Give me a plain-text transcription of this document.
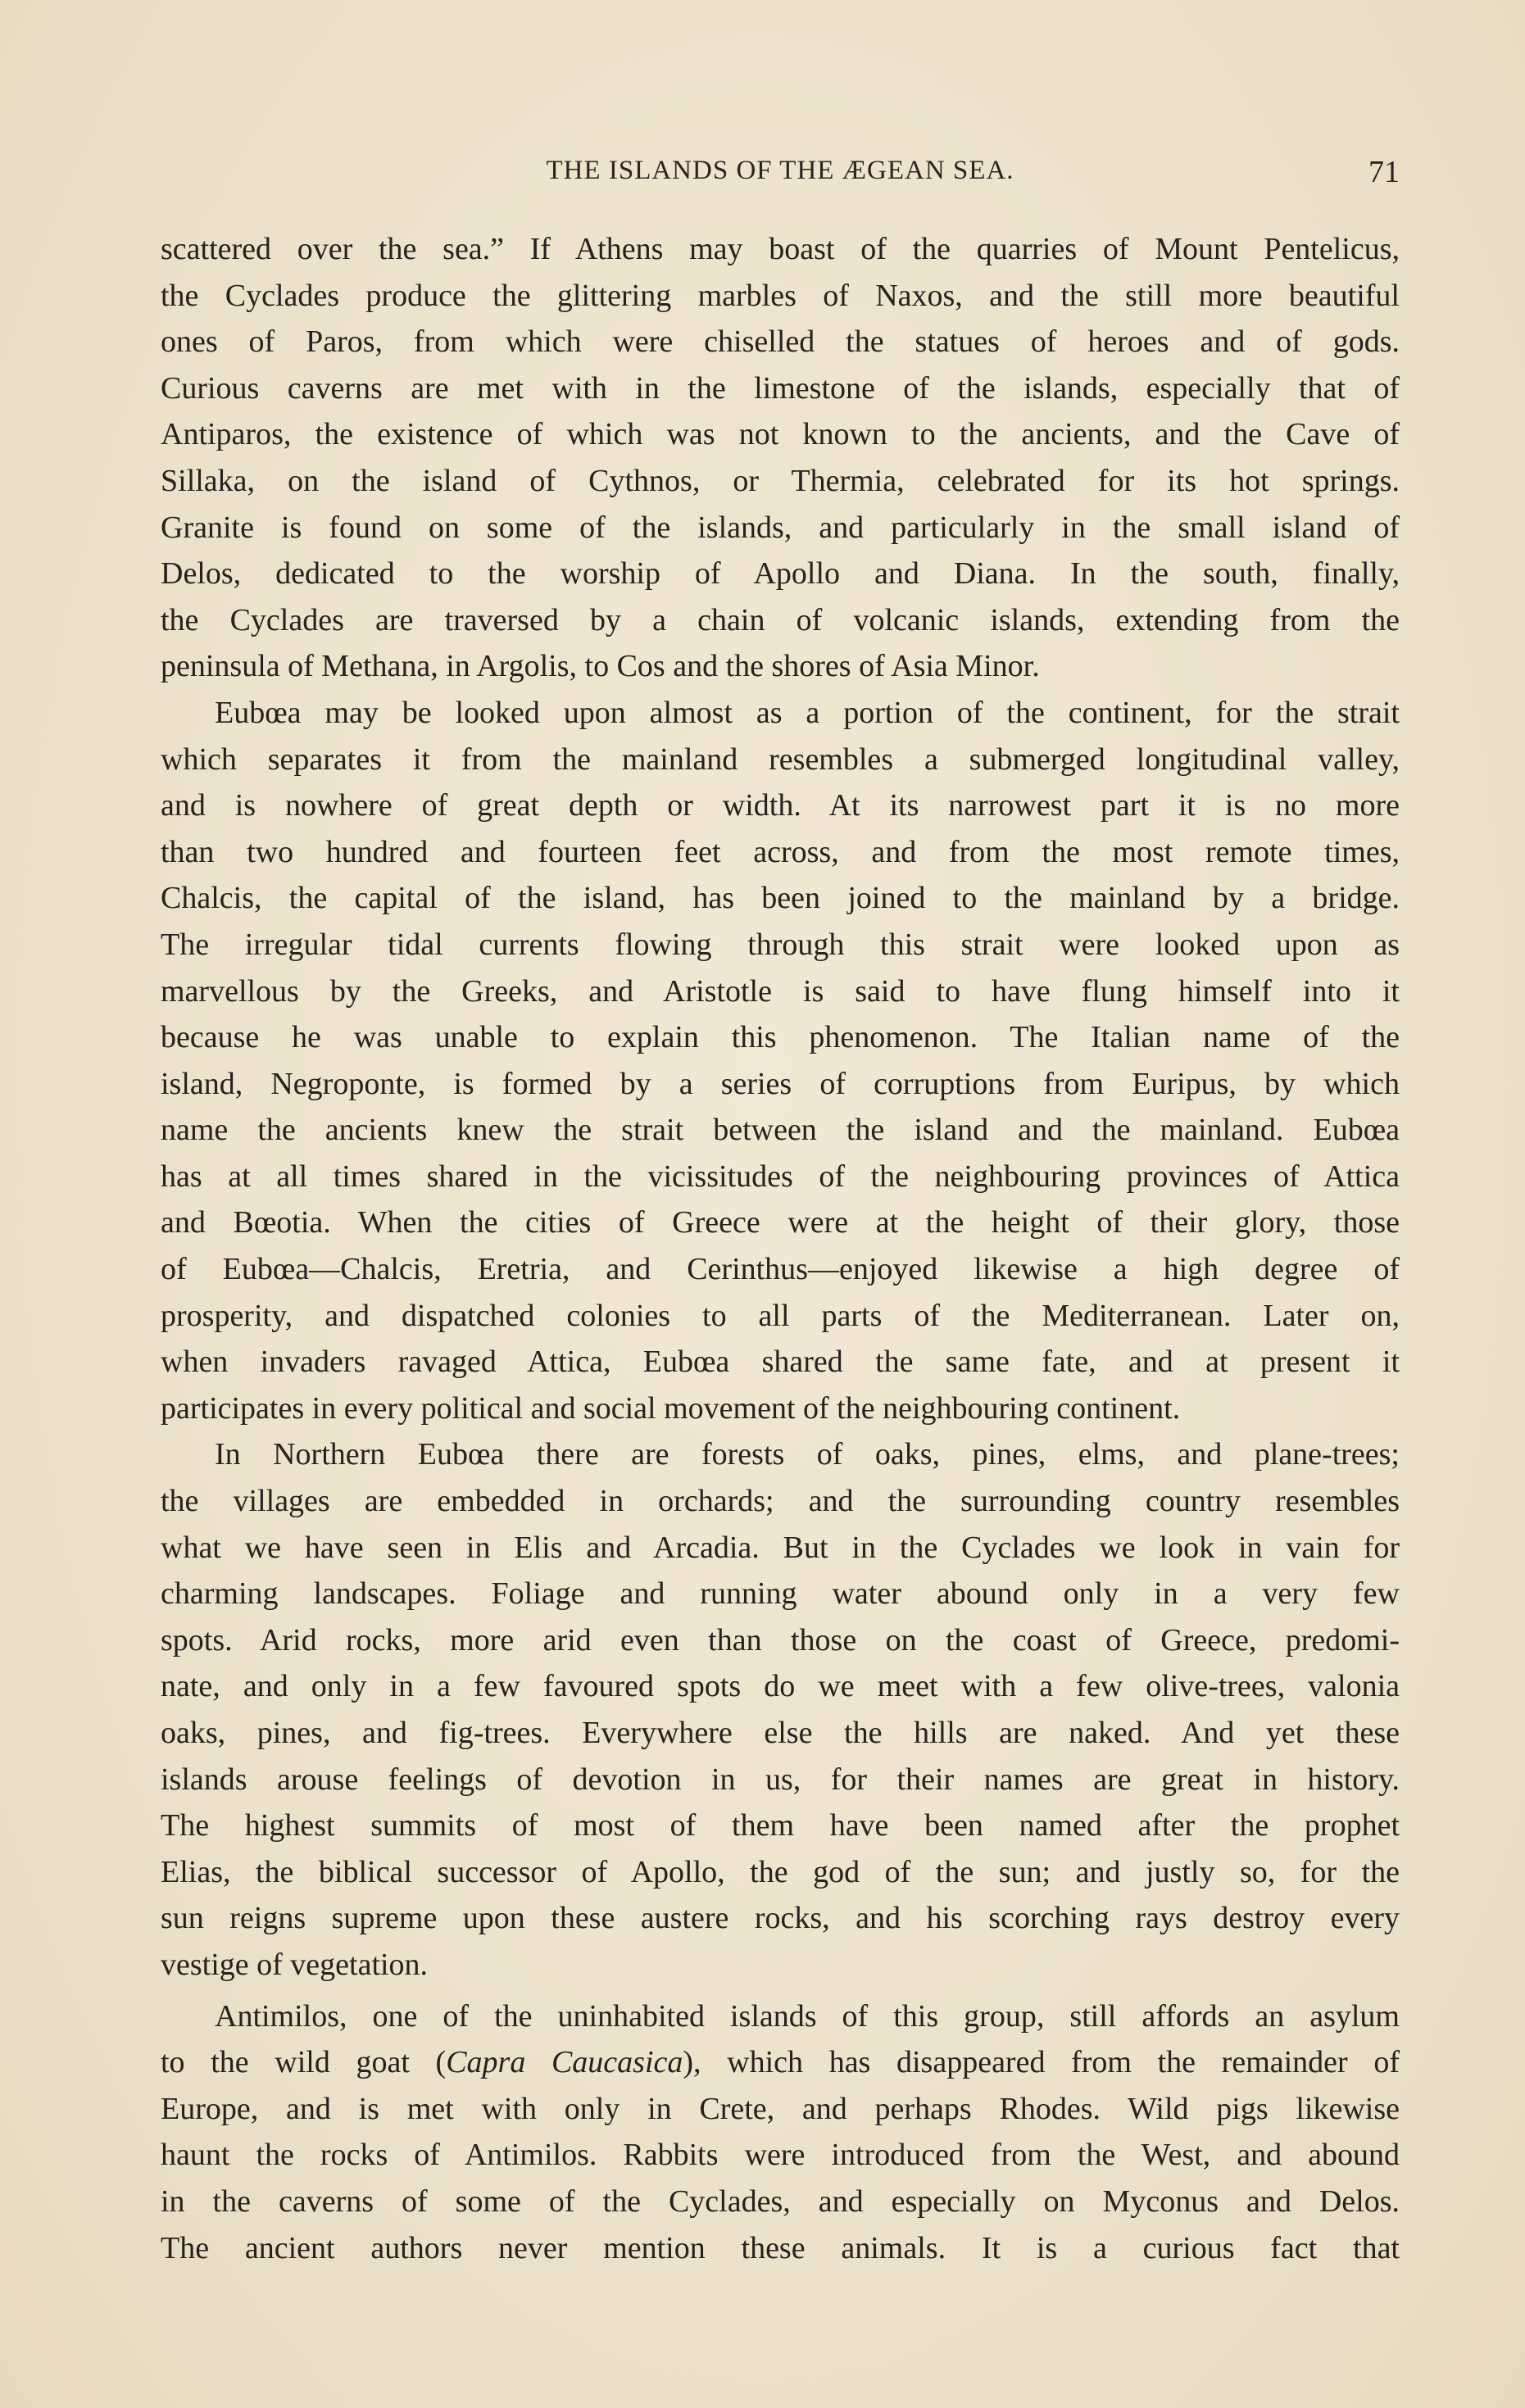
THE ISLANDS OF THE ÆGEAN SEA.	71

scattered over the sea.” If Athens may boast of the quarries of Mount Pentelicus,
the Cyclades produce the glittering marbles of Naxos, and the still more beautiful
ones of Paros, from which were chiselled the statues of heroes and of gods.
Curious caverns are met with in the limestone of the islands, especially that of
Antiparos, the existence of which was not known to the ancients, and the Cave of
Sillaka, on the island of Cythnos, or Thermia, celebrated for its hot springs.
Granite is found on some of the islands, and particularly in the small island of
Delos, dedicated to the worship of Apollo and Diana. In the south, finally,
the Cyclades are traversed by a chain of volcanic islands, extending from the
peninsula of Methana, in Argolis, to Cos and the shores of Asia Minor.

Eubœa may be looked upon almost as a portion of the continent, for the strait
which separates it from the mainland resembles a submerged longitudinal valley,
and is nowhere of great depth or width. At its narrowest part it is no more
than two hundred and fourteen feet across, and from the most remote times,
Chalcis, the capital of the island, has been joined to the mainland by a bridge.
The irregular tidal currents flowing through this strait were looked upon as
marvellous by the Greeks, and Aristotle is said to have flung himself into it
because he was unable to explain this phenomenon. The Italian name of the
island, Negroponte, is formed by a series of corruptions from Euripus, by which
name the ancients knew the strait between the island and the mainland. Eubœa
has at all times shared in the vicissitudes of the neighbouring provinces of Attica
and Bœotia. When the cities of Greece were at the height of their glory, those
of Eubœa—Chalcis, Eretria, and Cerinthus—enjoyed likewise a high degree of
prosperity, and dispatched colonies to all parts of the Mediterranean. Later on,
when invaders ravaged Attica, Eubœa shared the same fate, and at present it
participates in every political and social movement of the neighbouring continent.

In Northern Eubœa there are forests of oaks, pines, elms, and plane-trees;
the villages are embedded in orchards; and the surrounding country resembles
what we have seen in Elis and Arcadia. But in the Cyclades we look in vain for
charming landscapes. Foliage and running water abound only in a very few
spots. Arid rocks, more arid even than those on the coast of Greece, predomi-
nate, and only in a few favoured spots do we meet with a few olive-trees, valonia
oaks, pines, and fig-trees. Everywhere else the hills are naked. And yet these
islands arouse feelings of devotion in us, for their names are great in history.
The highest summits of most of them have been named after the prophet
Elias, the biblical successor of Apollo, the god of the sun; and justly so, for the
sun reigns supreme upon these austere rocks, and his scorching rays destroy every
vestige of vegetation.

Antimilos, one of the uninhabited islands of this group, still affords an asylum
to the wild goat (Capra Caucasica), which has disappeared from the remainder of
Europe, and is met with only in Crete, and perhaps Rhodes. Wild pigs likewise
haunt the rocks of Antimilos. Rabbits were introduced from the West, and abound
in the caverns of some of the Cyclades, and especially on Myconus and Delos.
The ancient authors never mention these animals. It is a curious fact that
